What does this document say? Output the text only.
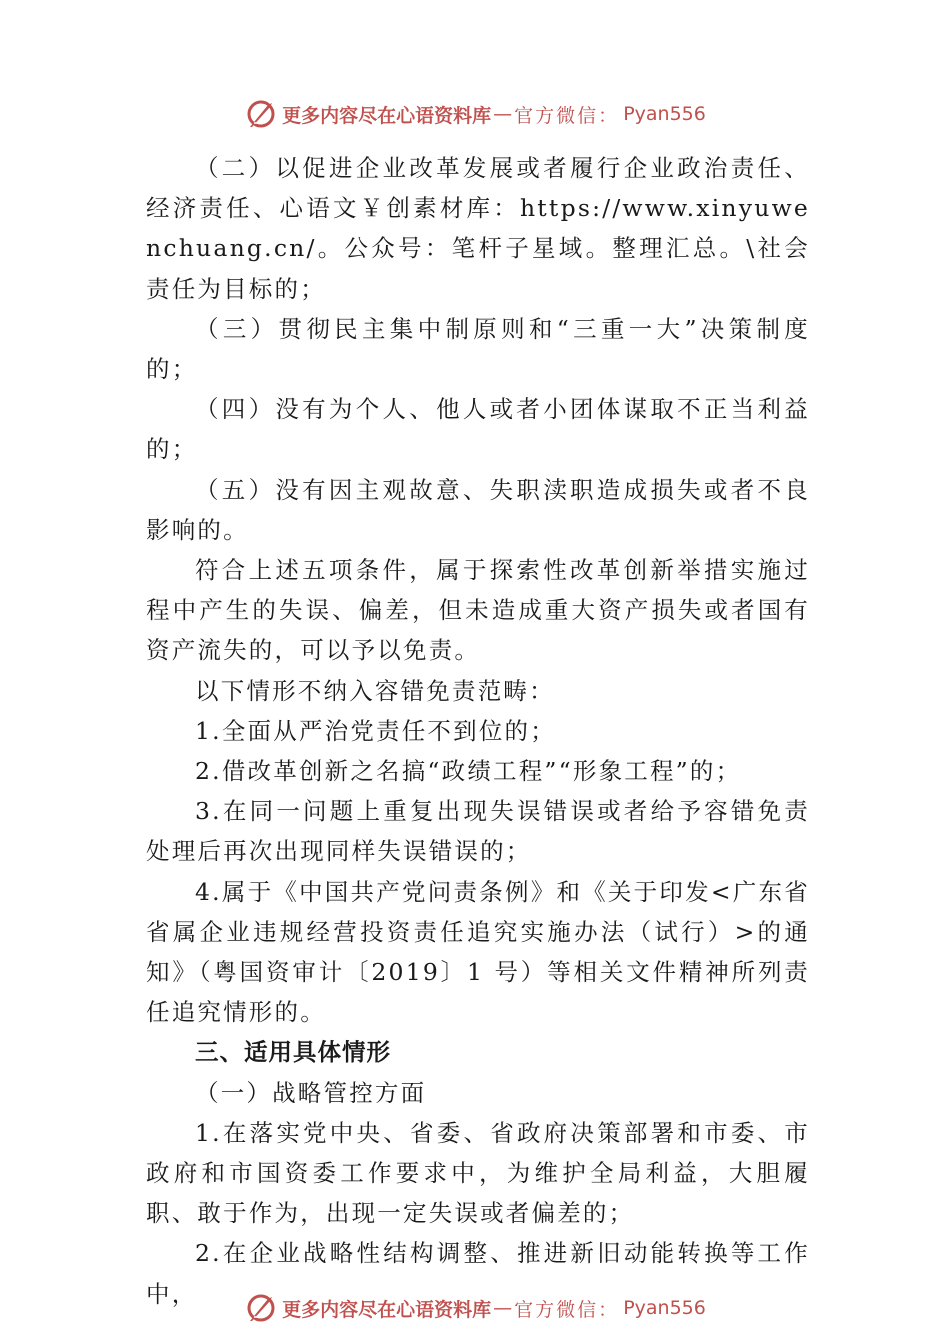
更多内容尽在心语资料库 — 官方微信： Pyan556

（二）以促进企业改革发展或者履行企业政治责任、经济责任、心语文￥创素材库：https://www.xinyuwenchuang.cn/。公众号：笔杆子星域。整理汇总。\社会责任为目标的；

（三）贯彻民主集中制原则和“三重一大”决策制度的；

（四）没有为个人、他人或者小团体谋取不正当利益的；

（五）没有因主观故意、失职渎职造成损失或者不良影响的。

符合上述五项条件，属于探索性改革创新举措实施过程中产生的失误、偏差，但未造成重大资产损失或者国有资产流失的，可以予以免责。

以下情形不纳入容错免责范畴：

1.全面从严治党责任不到位的；

2.借改革创新之名搞“政绩工程”“形象工程”的；

3.在同一问题上重复出现失误错误或者给予容错免责处理后再次出现同样失误错误的；

4.属于《中国共产党问责条例》和《关于印发<广东省省属企业违规经营投资责任追究实施办法（试行）>的通知》（粤国资审计〔2019〕1 号）等相关文件精神所列责任追究情形的。

三、适用具体情形

（一）战略管控方面

1.在落实党中央、省委、省政府决策部署和市委、市政府和市国资委工作要求中，为维护全局利益，大胆履职、敢于作为，出现一定失误或者偏差的；

2.在企业战略性结构调整、推进新旧动能转换等工作中，

更多内容尽在心语资料库 — 官方微信： Pyan556
